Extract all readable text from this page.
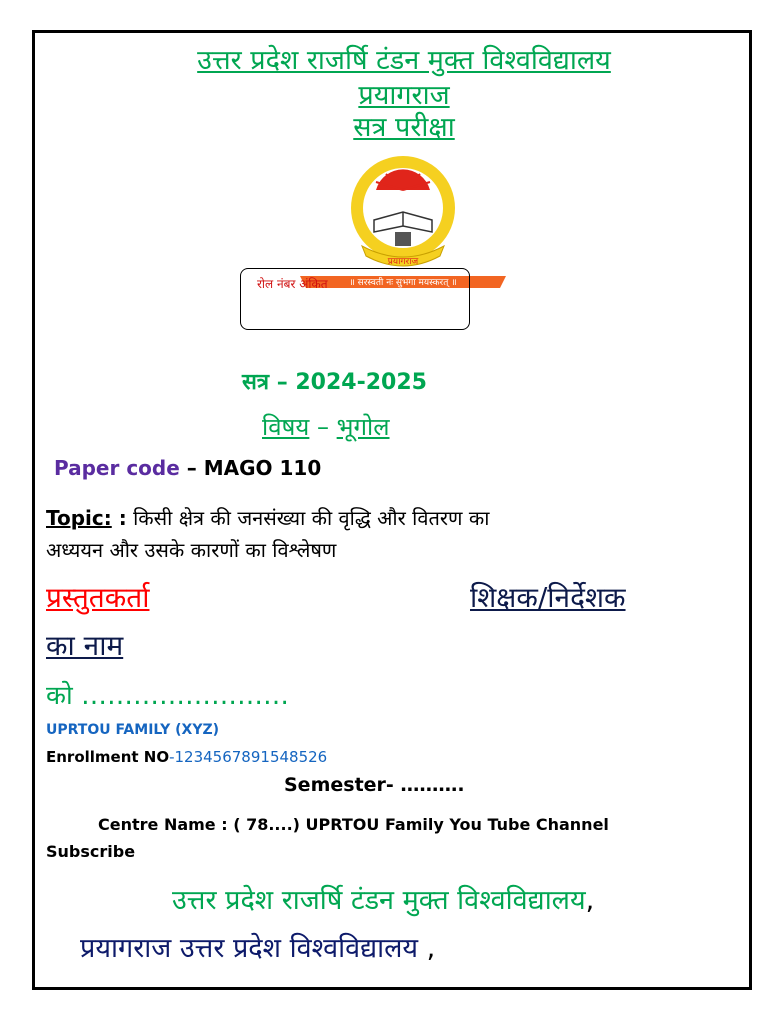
उत्तर प्रदेश राजर्षि टंडन मुक्त विश्वविद्यालय
प्रयागराज
सत्र परीक्षा
प्रयागराज
॥ सरस्वती नः सुभगा मयस्करत् ॥
रोल नंबर अंकित
सत्र – 2024-2025
विषय – भूगोल
Paper code – MAGO 110
Topic: : किसी क्षेत्र की जनसंख्या की वृद्धि और वितरण का
अध्ययन और उसके कारणों का विश्लेषण
प्रस्तुतकर्ता	शिक्षक/निर्देशक
का नाम
को ……………………
UPRTOU FAMILY (XYZ)
Enrollment NO-1234567891548526
Semester- ……….
Centre Name : ( 78....) UPRTOU Family You Tube Channel
Subscribe
उत्तर प्रदेश राजर्षि टंडन मुक्त विश्वविद्यालय,
प्रयागराज उत्तर प्रदेश विश्वविद्यालय ,
